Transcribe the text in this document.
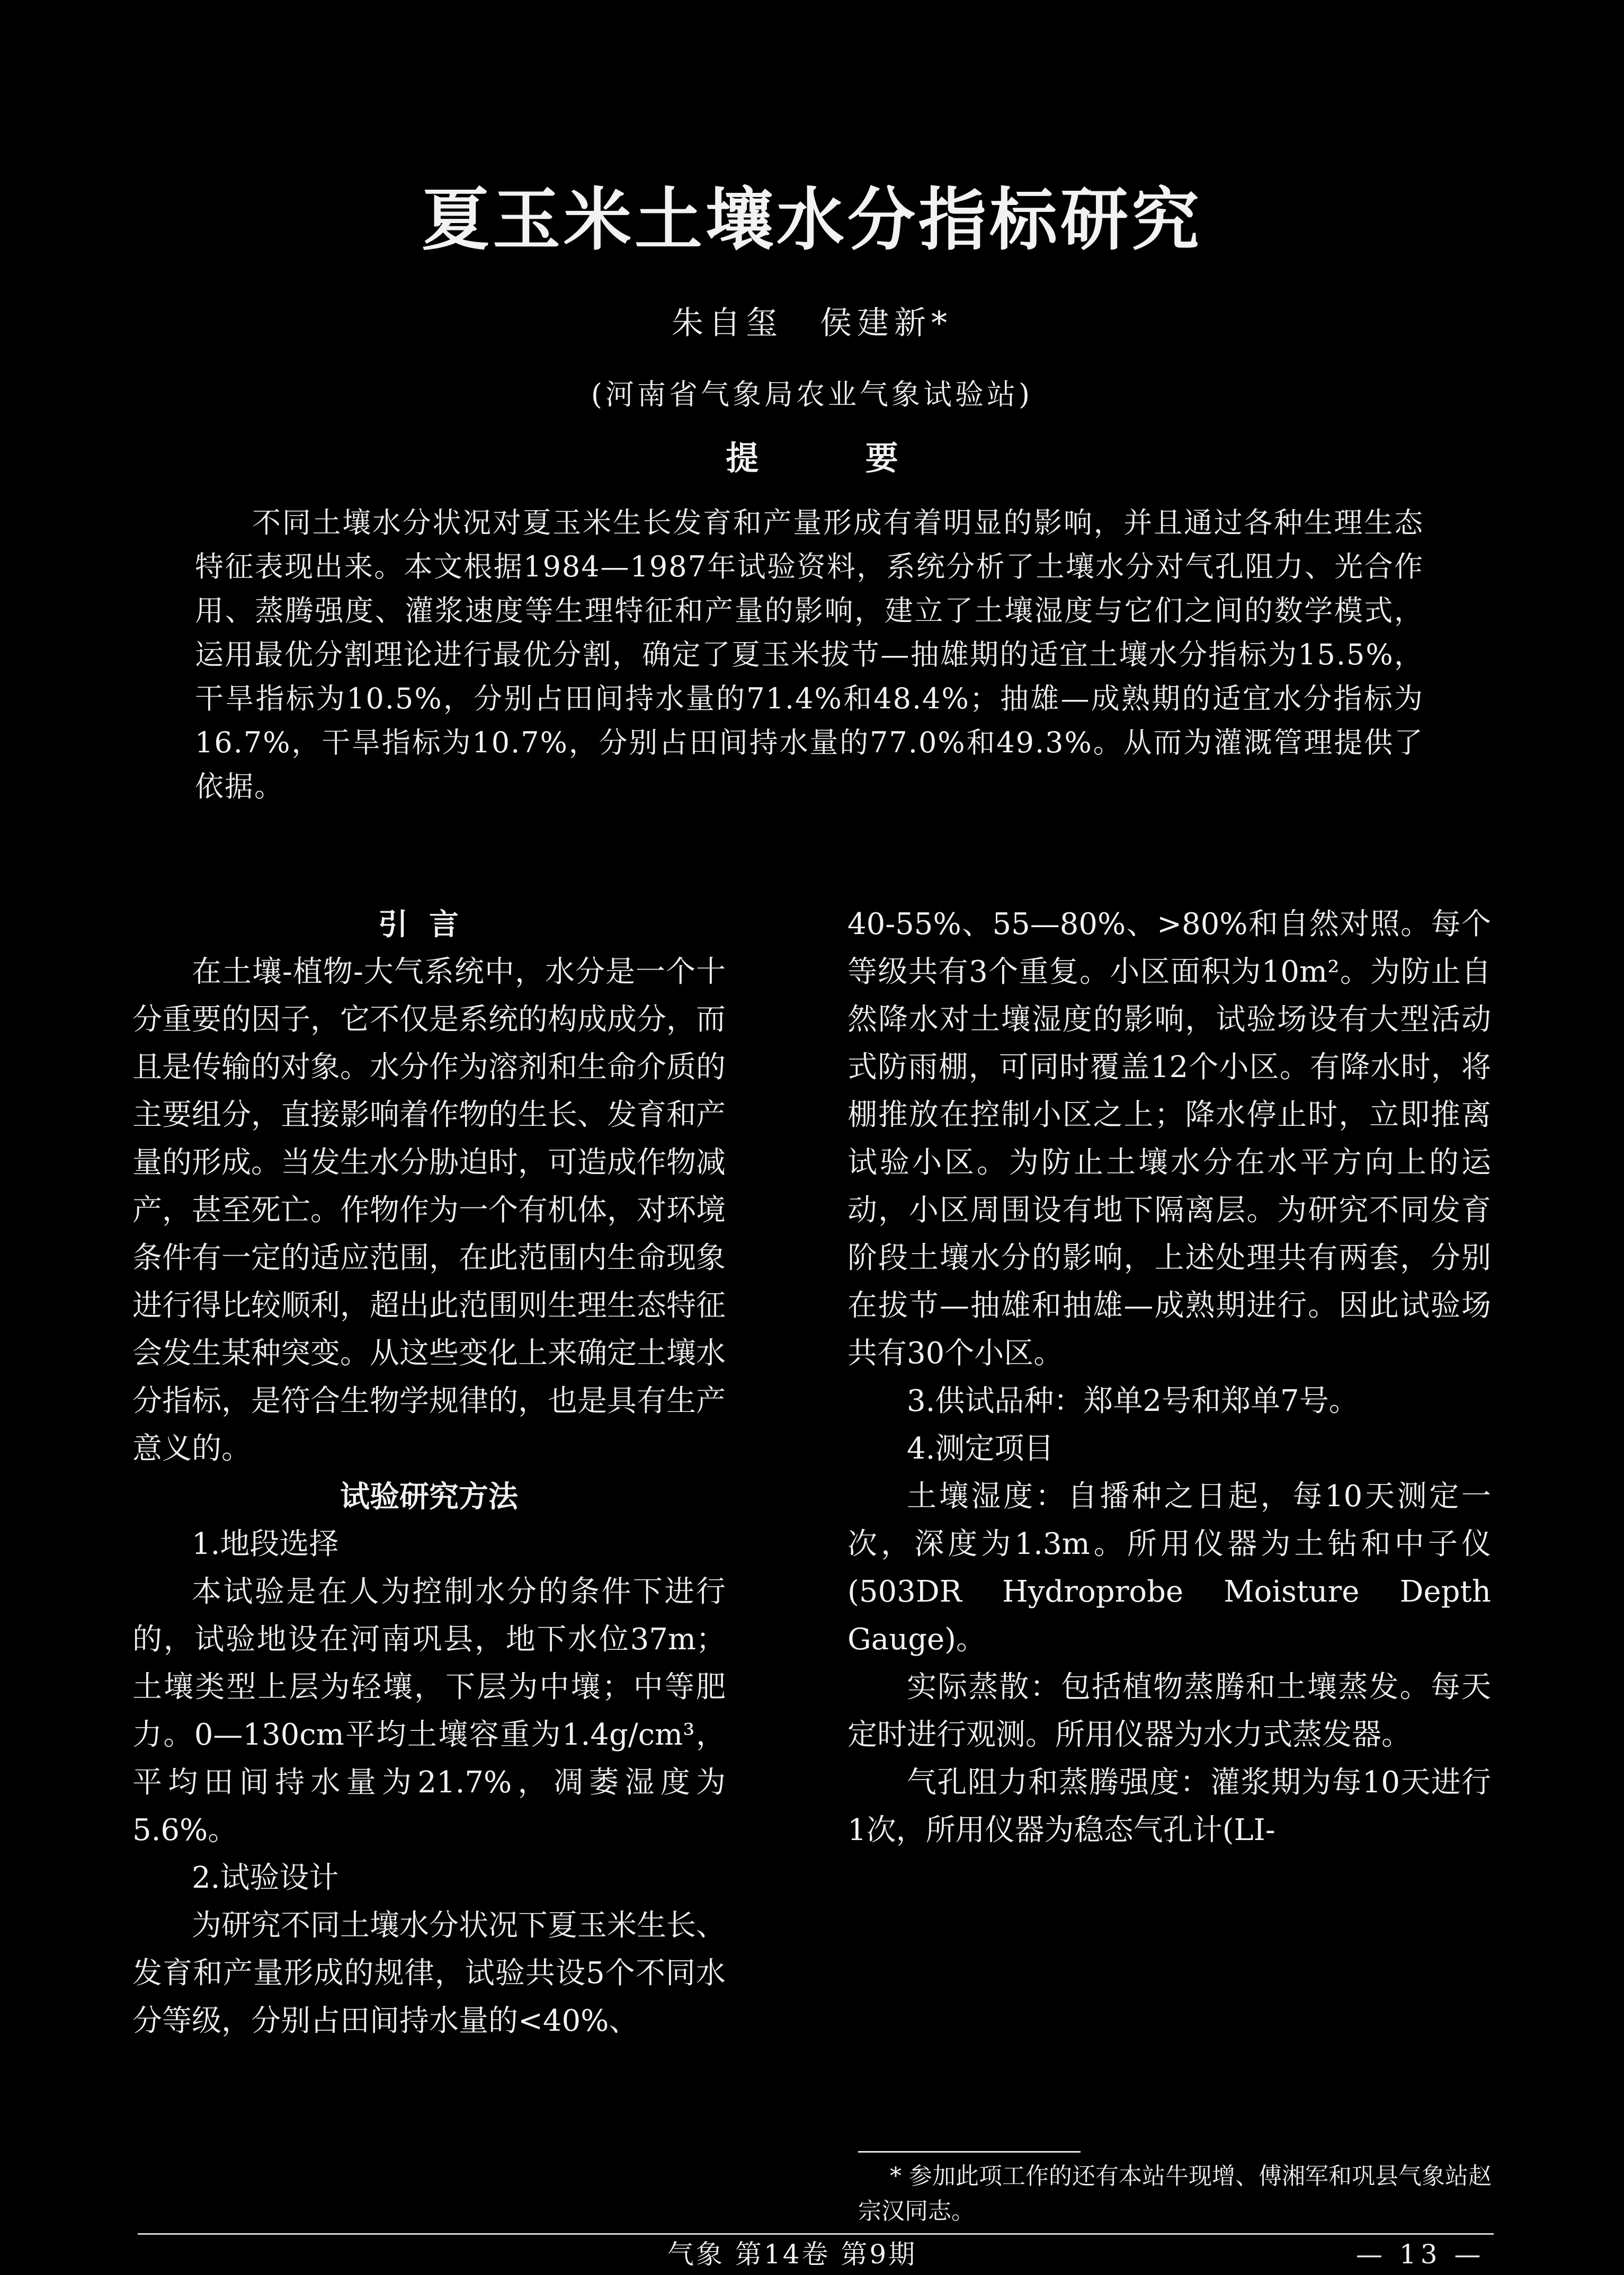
夏玉米土壤水分指标研究
朱自玺　侯建新*
(河南省气象局农业气象试验站)
提 要
不同土壤水分状况对夏玉米生长发育和产量形成有着明显的影响，并且通过各种生理生态特征表现出来。本文根据1984—1987年试验资料，系统分析了土壤水分对气孔阻力、光合作用、蒸腾强度、灌浆速度等生理特征和产量的影响，建立了土壤湿度与它们之间的数学模式，运用最优分割理论进行最优分割，确定了夏玉米拔节—抽雄期的适宜土壤水分指标为15.5%，干旱指标为10.5%，分别占田间持水量的71.4%和48.4%；抽雄—成熟期的适宜水分指标为16.7%，干旱指标为10.7%，分别占田间持水量的77.0%和49.3%。从而为灌溉管理提供了依据。

引言

在土壤-植物-大气系统中，水分是一个十分重要的因子，它不仅是系统的构成成分，而且是传输的对象。水分作为溶剂和生命介质的主要组分，直接影响着作物的生长、发育和产量的形成。当发生水分胁迫时，可造成作物减产，甚至死亡。作物作为一个有机体，对环境条件有一定的适应范围，在此范围内生命现象进行得比较顺利，超出此范围则生理生态特征会发生某种突变。从这些变化上来确定土壤水分指标，是符合生物学规律的，也是具有生产意义的。

试验研究方法

1.地段选择

本试验是在人为控制水分的条件下进行的，试验地设在河南巩县，地下水位37m；土壤类型上层为轻壤，下层为中壤；中等肥力。0—130cm平均土壤容重为1.4g/cm³，平均田间持水量为21.7%，凋萎湿度为5.6%。

2.试验设计

为研究不同土壤水分状况下夏玉米生长、发育和产量形成的规律，试验共设5个不同水分等级，分别占田间持水量的<40%、

40-55%、55—80%、>80%和自然对照。每个等级共有3个重复。小区面积为10m²。为防止自然降水对土壤湿度的影响，试验场设有大型活动式防雨棚，可同时覆盖12个小区。有降水时，将棚推放在控制小区之上；降水停止时，立即推离试验小区。为防止土壤水分在水平方向上的运动，小区周围设有地下隔离层。为研究不同发育阶段土壤水分的影响，上述处理共有两套，分别在拔节—抽雄和抽雄—成熟期进行。因此试验场共有30个小区。

3.供试品种：郑单2号和郑单7号。

4.测定项目

土壤湿度：自播种之日起，每10天测定一次，深度为1.3m。所用仪器为土钻和中子仪(503DR Hydroprobe Moisture Depth Gauge)。

实际蒸散：包括植物蒸腾和土壤蒸发。每天定时进行观测。所用仪器为水力式蒸发器。

气孔阻力和蒸腾强度：灌浆期为每10天进行1次，所用仪器为稳态气孔计(LI-

* 参加此项工作的还有本站牛现增、傅湘军和巩县气象站赵宗汉同志。
气象 第14卷 第9期	— 13 —
